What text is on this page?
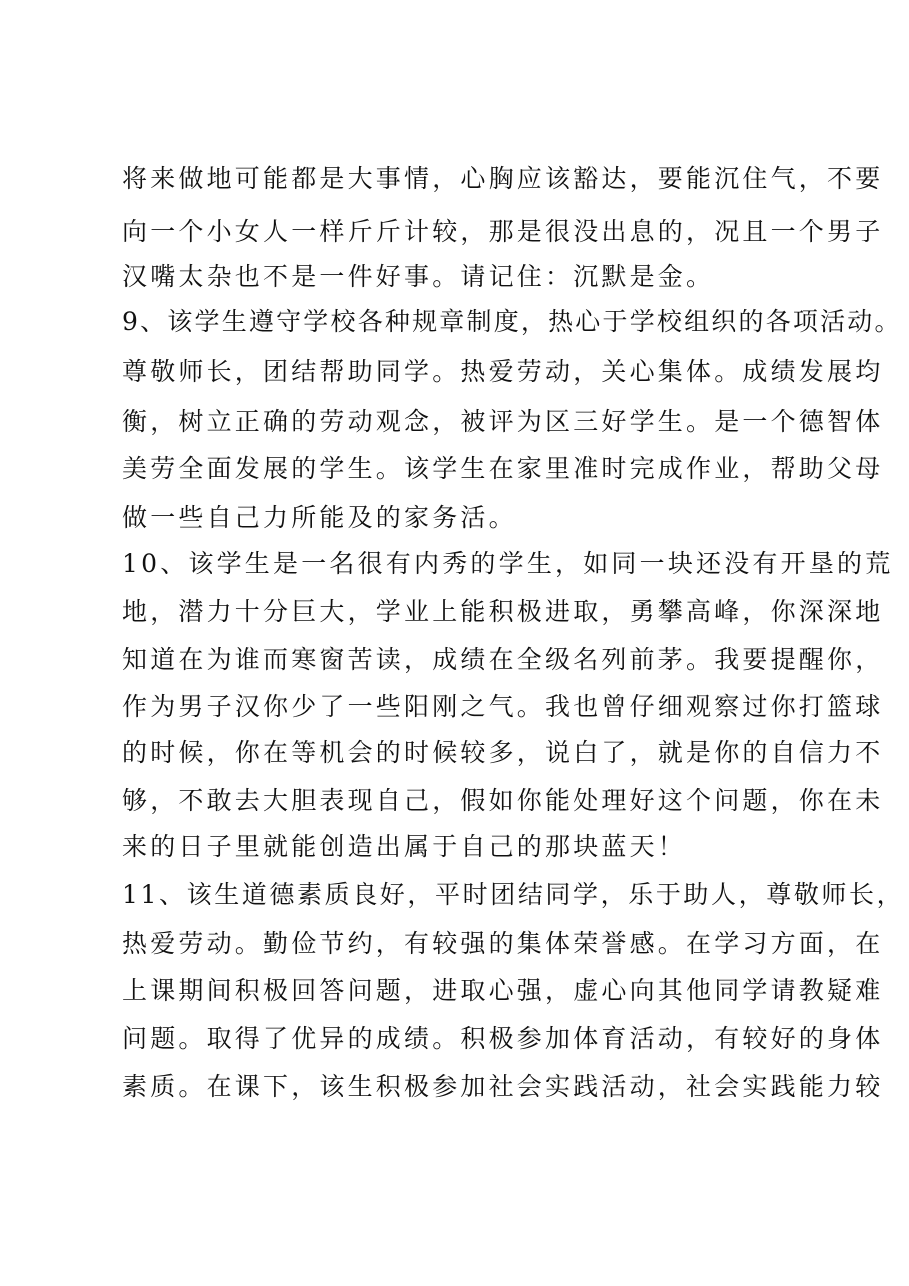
将来做地可能都是大事情，心胸应该豁达，要能沉住气，不要
向一个小女人一样斤斤计较，那是很没出息的，况且一个男子
汉嘴太杂也不是一件好事。请记住：沉默是金。
9、该学生遵守学校各种规章制度，热心于学校组织的各项活动。
尊敬师长，团结帮助同学。热爱劳动，关心集体。成绩发展均
衡，树立正确的劳动观念，被评为区三好学生。是一个德智体
美劳全面发展的学生。该学生在家里准时完成作业，帮助父母
做一些自己力所能及的家务活。
10、该学生是一名很有内秀的学生，如同一块还没有开垦的荒
地，潜力十分巨大，学业上能积极进取，勇攀高峰，你深深地
知道在为谁而寒窗苦读，成绩在全级名列前茅。我要提醒你，
作为男子汉你少了一些阳刚之气。我也曾仔细观察过你打篮球
的时候，你在等机会的时候较多，说白了，就是你的自信力不
够，不敢去大胆表现自己，假如你能处理好这个问题，你在未
来的日子里就能创造出属于自己的那块蓝天！
11、该生道德素质良好，平时团结同学，乐于助人，尊敬师长，
热爱劳动。勤俭节约，有较强的集体荣誉感。在学习方面，在
上课期间积极回答问题，进取心强，虚心向其他同学请教疑难
问题。取得了优异的成绩。积极参加体育活动，有较好的身体
素质。在课下，该生积极参加社会实践活动，社会实践能力较
